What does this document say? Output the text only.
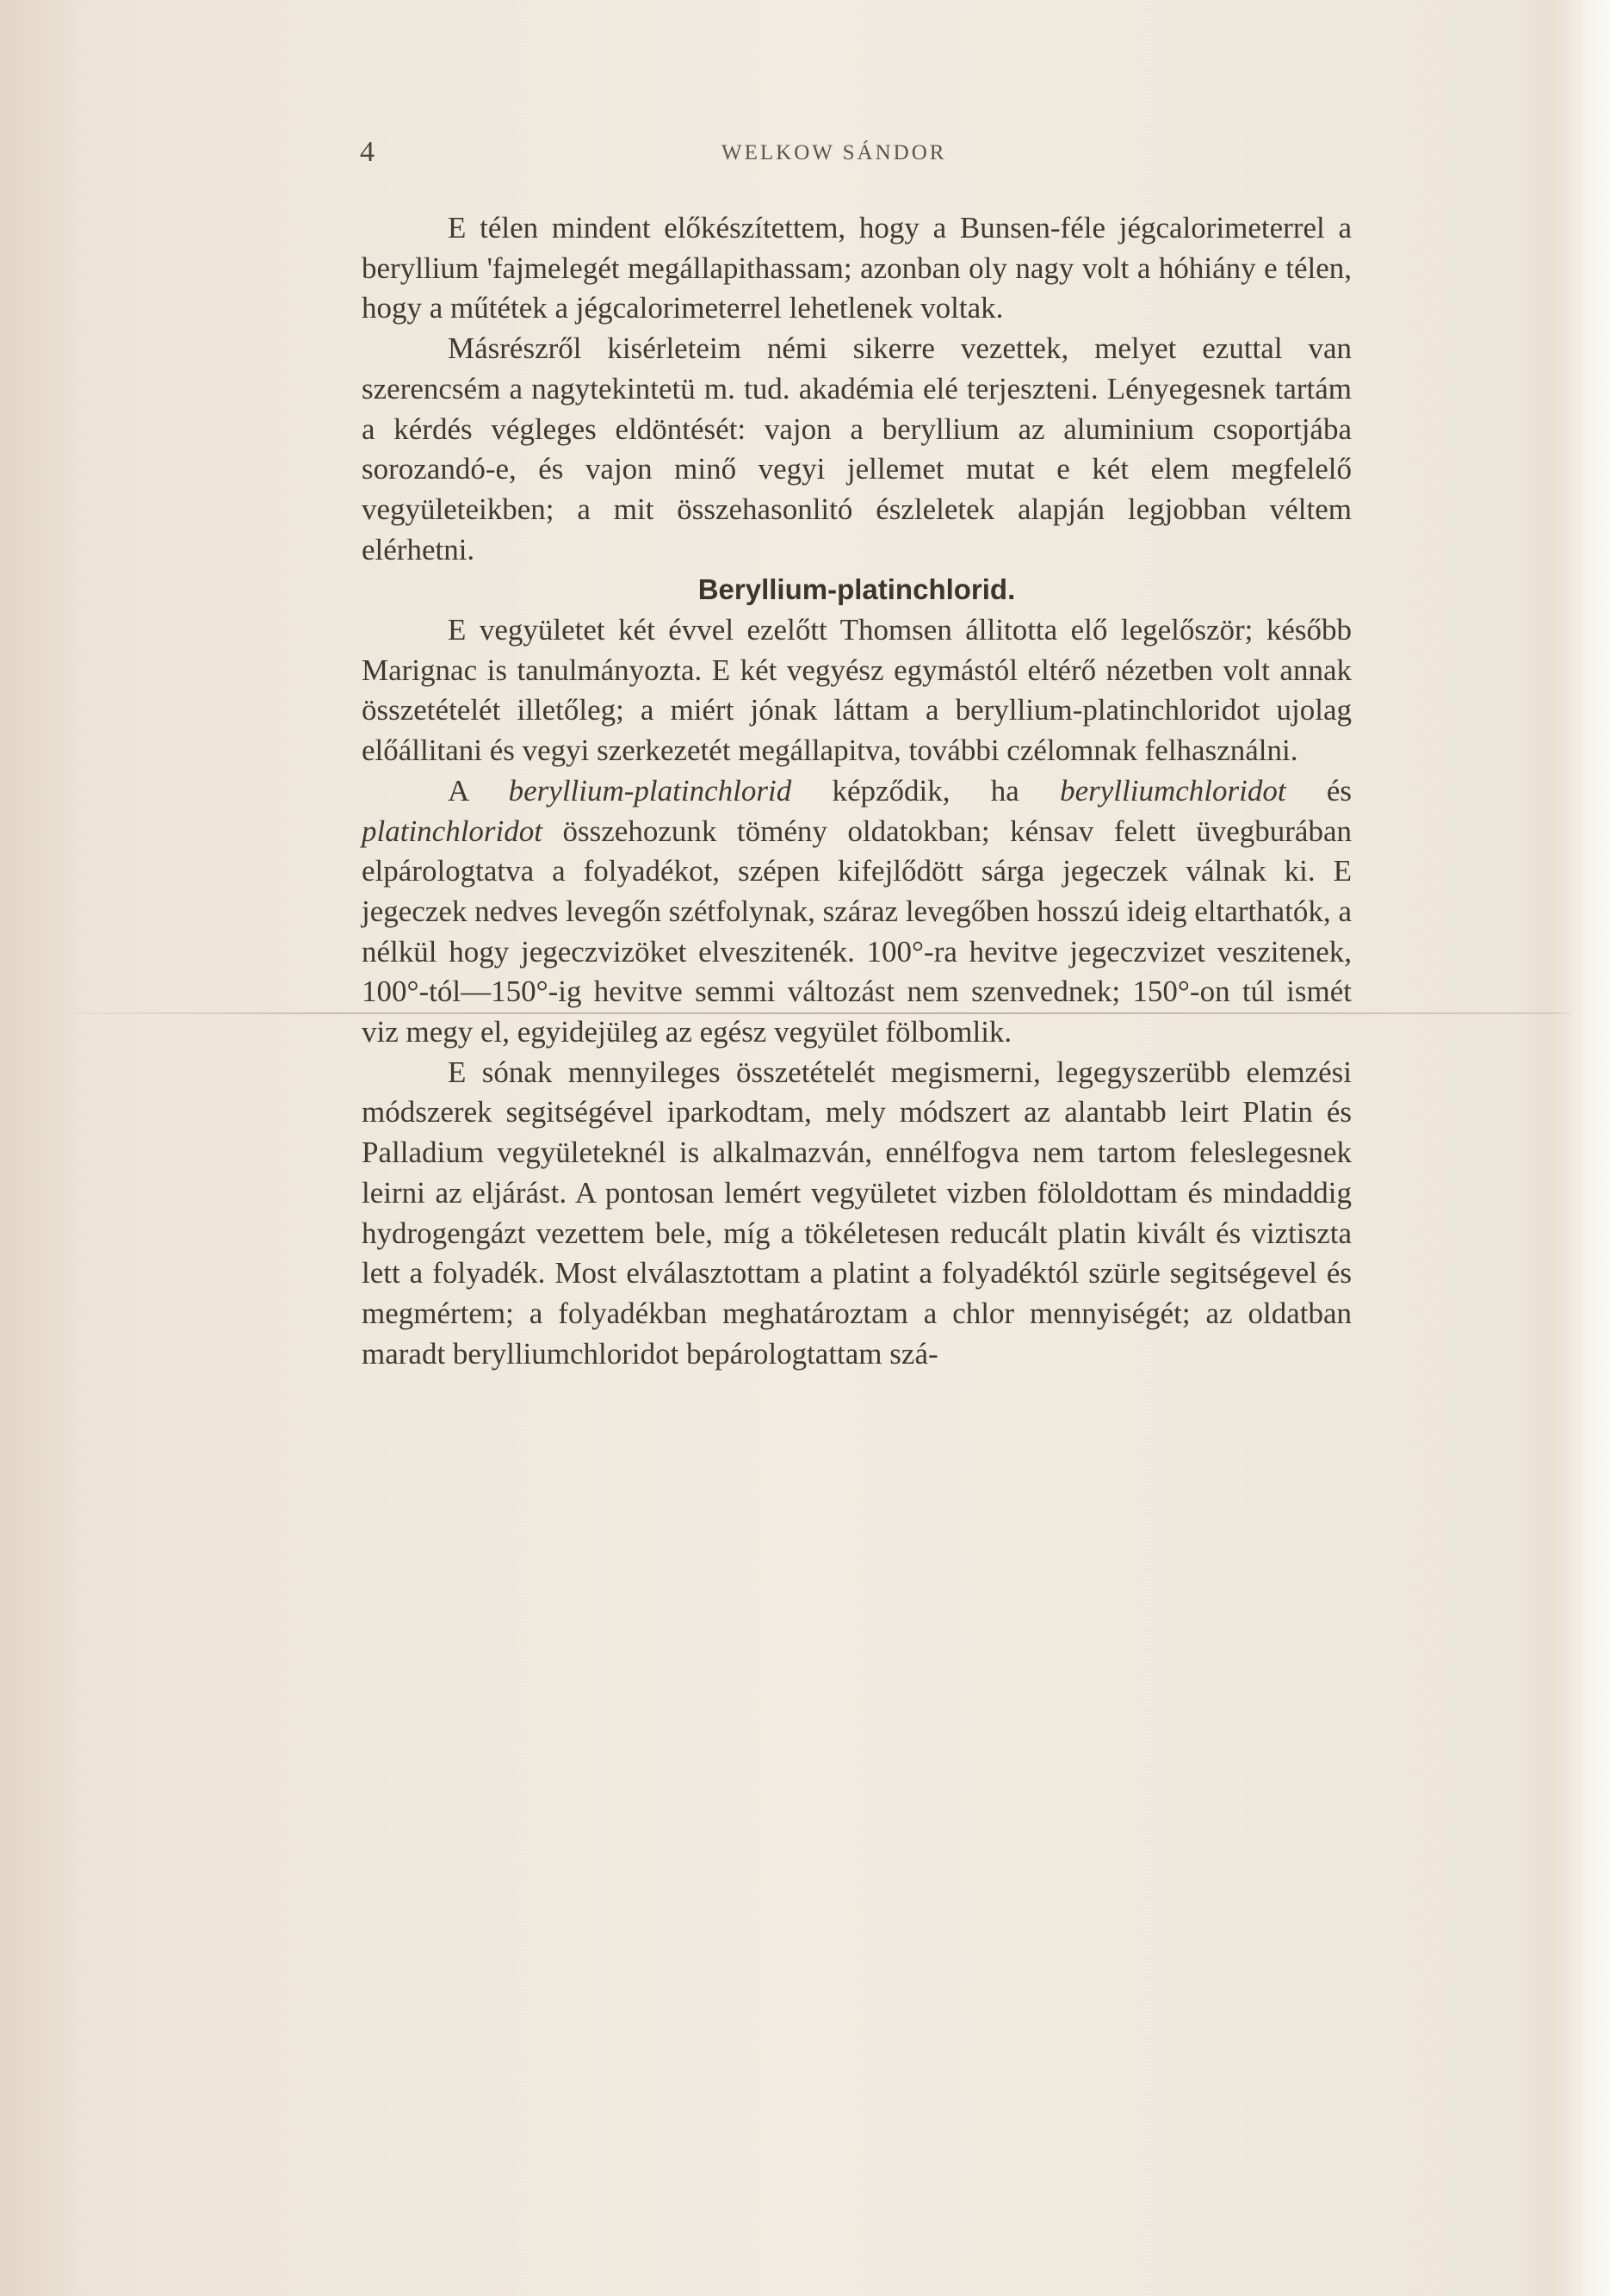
4	WELKOW SÁNDOR

E télen mindent előkészítettem, hogy a Bunsen-féle jégcalorimeterrel a beryllium 'fajmelegét megállapithassam; azonban oly nagy volt a hóhiány e télen, hogy a műtétek a jégcalorimeterrel lehetlenek voltak.

Másrészről kisérleteim némi sikerre vezettek, melyet ezuttal van szerencsém a nagytekintetü m. tud. akadémia elé terjeszteni. Lényegesnek tartám a kérdés végleges eldöntését: vajon a beryllium az aluminium csoportjába sorozandó-e, és vajon minő vegyi jellemet mutat e két elem megfelelő vegyületeikben; a mit összehasonlitó észleletek alapján legjobban véltem elérhetni.

Beryllium-platinchlorid.

E vegyületet két évvel ezelőtt Thomsen állitotta elő legelőször; később Marignac is tanulmányozta. E két vegyész egymástól eltérő nézetben volt annak összetételét illetőleg; a miért jónak láttam a beryllium-platinchloridot ujolag előállitani és vegyi szerkezetét megállapitva, további czélomnak felhasználni.

A beryllium-platinchlorid képződik, ha berylliumchloridot és platinchloridot összehozunk tömény oldatokban; kénsav felett üvegburában elpárologtatva a folyadékot, szépen kifejlődött sárga jegeczek válnak ki. E jegeczek nedves levegőn szétfolynak, száraz levegőben hosszú ideig eltarthatók, a nélkül hogy jegeczvizöket elveszitenék. 100°-ra hevitve jegeczvizet veszitenek, 100°-tól—150°-ig hevitve semmi változást nem szenvednek; 150°-on túl ismét viz megy el, egyidejüleg az egész vegyület fölbomlik.

E sónak mennyileges összetételét megismerni, legegyszerübb elemzési módszerek segitségével iparkodtam, mely módszert az alantabb leirt Platin és Palladium vegyületeknél is alkalmazván, ennélfogva nem tartom feleslegesnek leirni az eljárást. A pontosan lemért vegyületet vizben föloldottam és mindaddig hydrogengázt vezettem bele, míg a tökéletesen reducált platin kivált és viztiszta lett a folyadék. Most elválasztottam a platint a folyadéktól szürle segitségevel és megmértem; a folyadékban meghatároztam a chlor mennyiségét; az oldatban maradt berylliumchloridot bepárologtattam szá-
